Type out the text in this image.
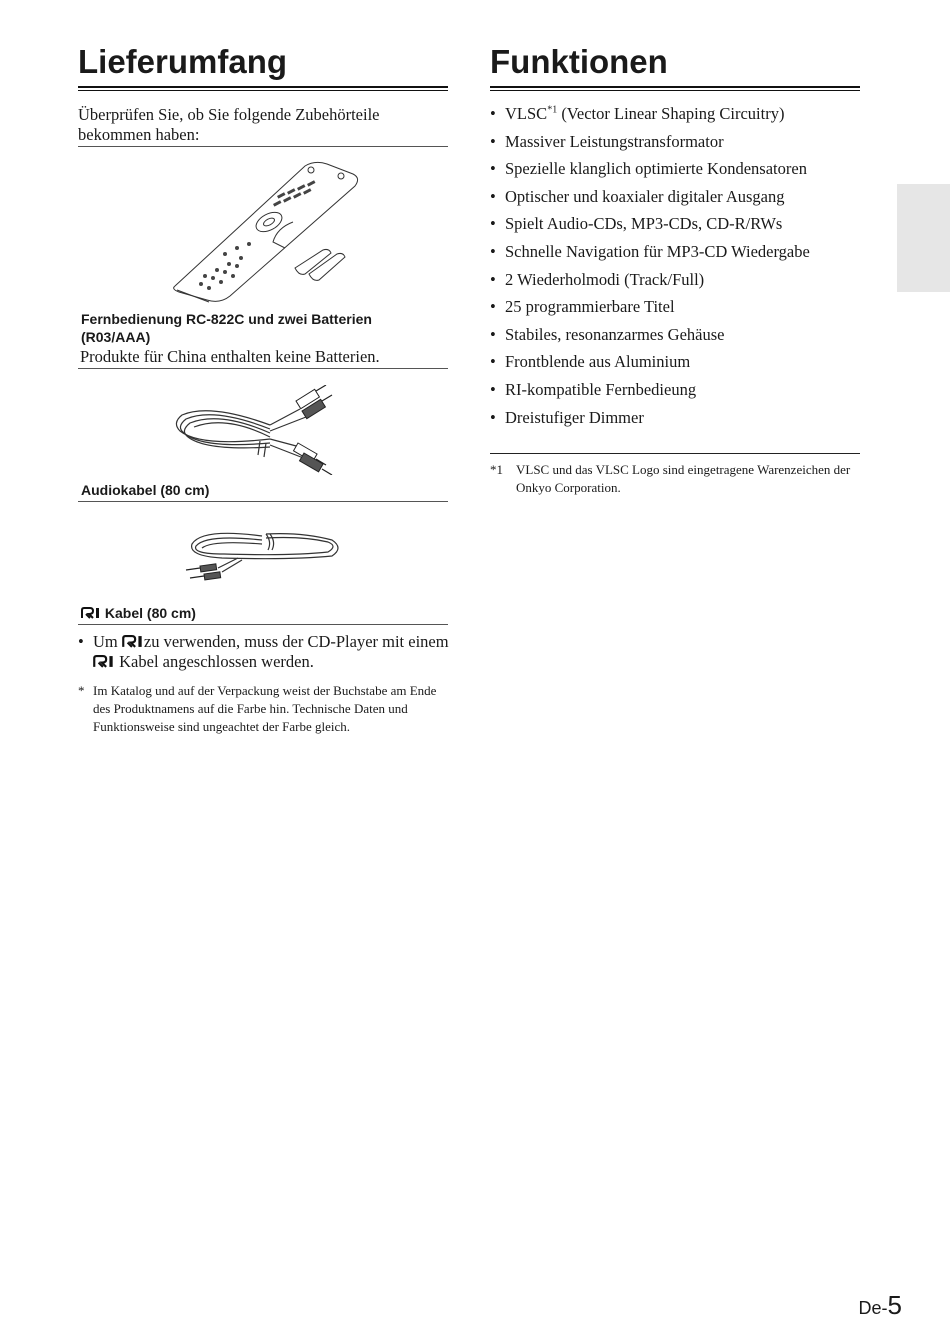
Lieferumfang
Überprüfen Sie, ob Sie folgende Zubehörteile bekommen haben:
Fernbedienung RC-822C und zwei Batterien (R03/AAA)
Produkte für China enthalten keine Batterien.
Audiokabel (80 cm)
Kabel (80 cm)
• Um zu verwenden, muss der CD-Player mit einem
Kabel angeschlossen werden.
* Im Katalog und auf der Verpackung weist der Buchstabe am Ende des Produktnamens auf die Farbe hin. Technische Daten und Funktionsweise sind ungeachtet der Farbe gleich.
Funktionen
• VLSC$^{*1}$ (Vector Linear Shaping Circuitry)
• Massiver Leistungstransformator
• Spezielle klanglich optimierte Kondensatoren
• Optischer und koaxialer digitaler Ausgang
• Spielt Audio-CDs, MP3-CDs, CD-R/RWs
• Schnelle Navigation für MP3-CD Wiedergabe
• 2 Wiederholmodi (Track/Full)
• 25 programmierbare Titel
• Stabiles, resonanzarmes Gehäuse
• Frontblende aus Aluminium
• RI-kompatible Fernbedieung
• Dreistufiger Dimmer
*1	VLSC und das VLSC Logo sind eingetragene Warenzeichen der Onkyo Corporation.
De-5
